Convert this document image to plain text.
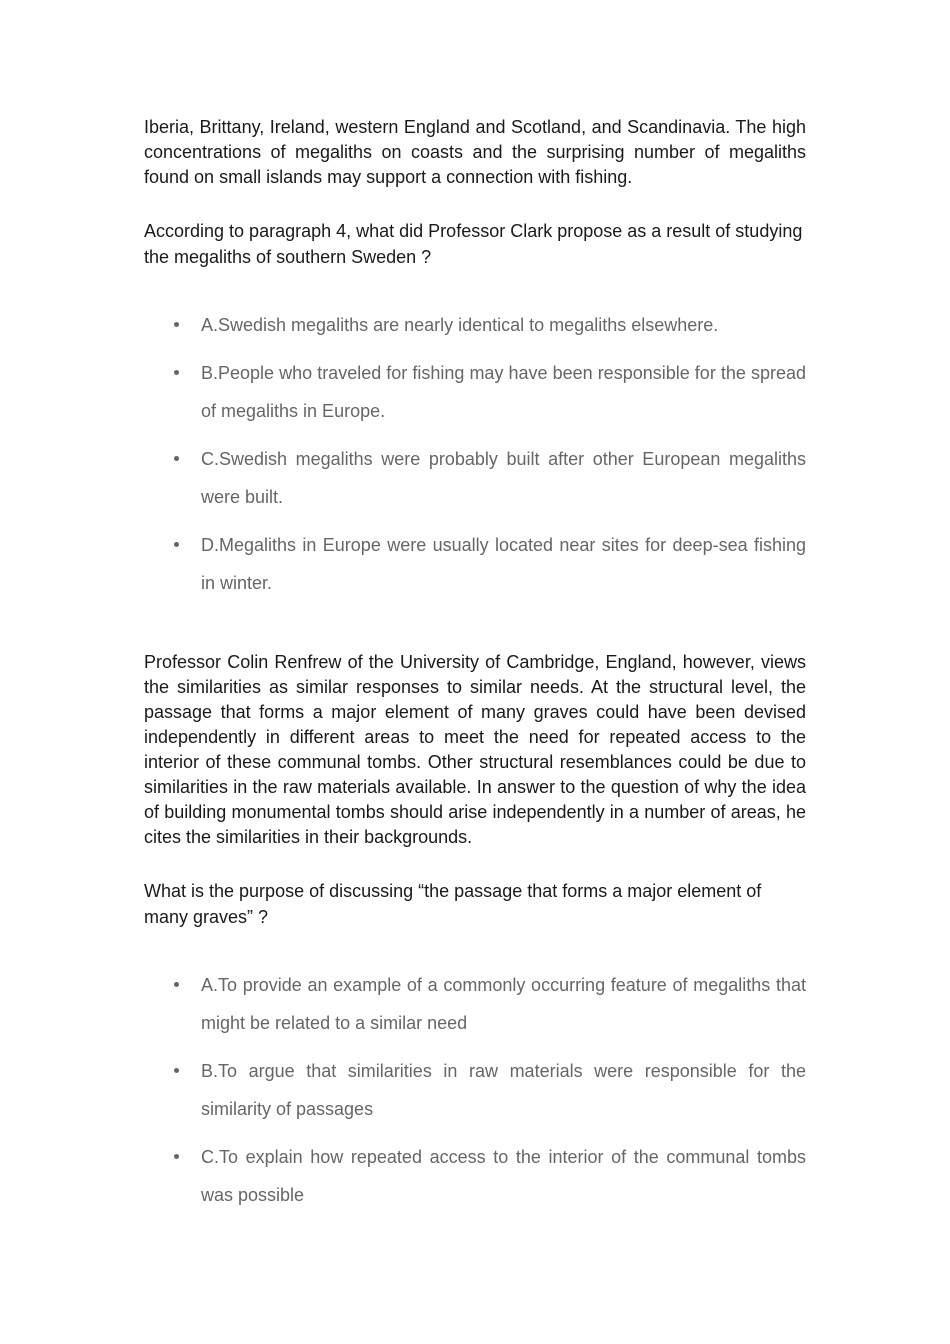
Iberia, Brittany, Ireland, western England and Scotland, and Scandinavia. The high concentrations of megaliths on coasts and the surprising number of megaliths found on small islands may support a connection with fishing.

According to paragraph 4, what did Professor Clark propose as a result of studying the megaliths of southern Sweden ?

A.Swedish megaliths are nearly identical to megaliths elsewhere.
B.People who traveled for fishing may have been responsible for the spread of megaliths in Europe.
C.Swedish megaliths were probably built after other European megaliths were built.
D.Megaliths in Europe were usually located near sites for deep-sea fishing in winter.

Professor Colin Renfrew of the University of Cambridge, England, however, views the similarities as similar responses to similar needs. At the structural level, the passage that forms a major element of many graves could have been devised independently in different areas to meet the need for repeated access to the interior of these communal tombs. Other structural resemblances could be due to similarities in the raw materials available. In answer to the question of why the idea of building monumental tombs should arise independently in a number of areas, he cites the similarities in their backgrounds.

What is the purpose of discussing “the passage that forms a major element of many graves” ?

A.To provide an example of a commonly occurring feature of megaliths that might be related to a similar need
B.To argue that similarities in raw materials were responsible for the similarity of passages
C.To explain how repeated access to the interior of the communal tombs was possible
